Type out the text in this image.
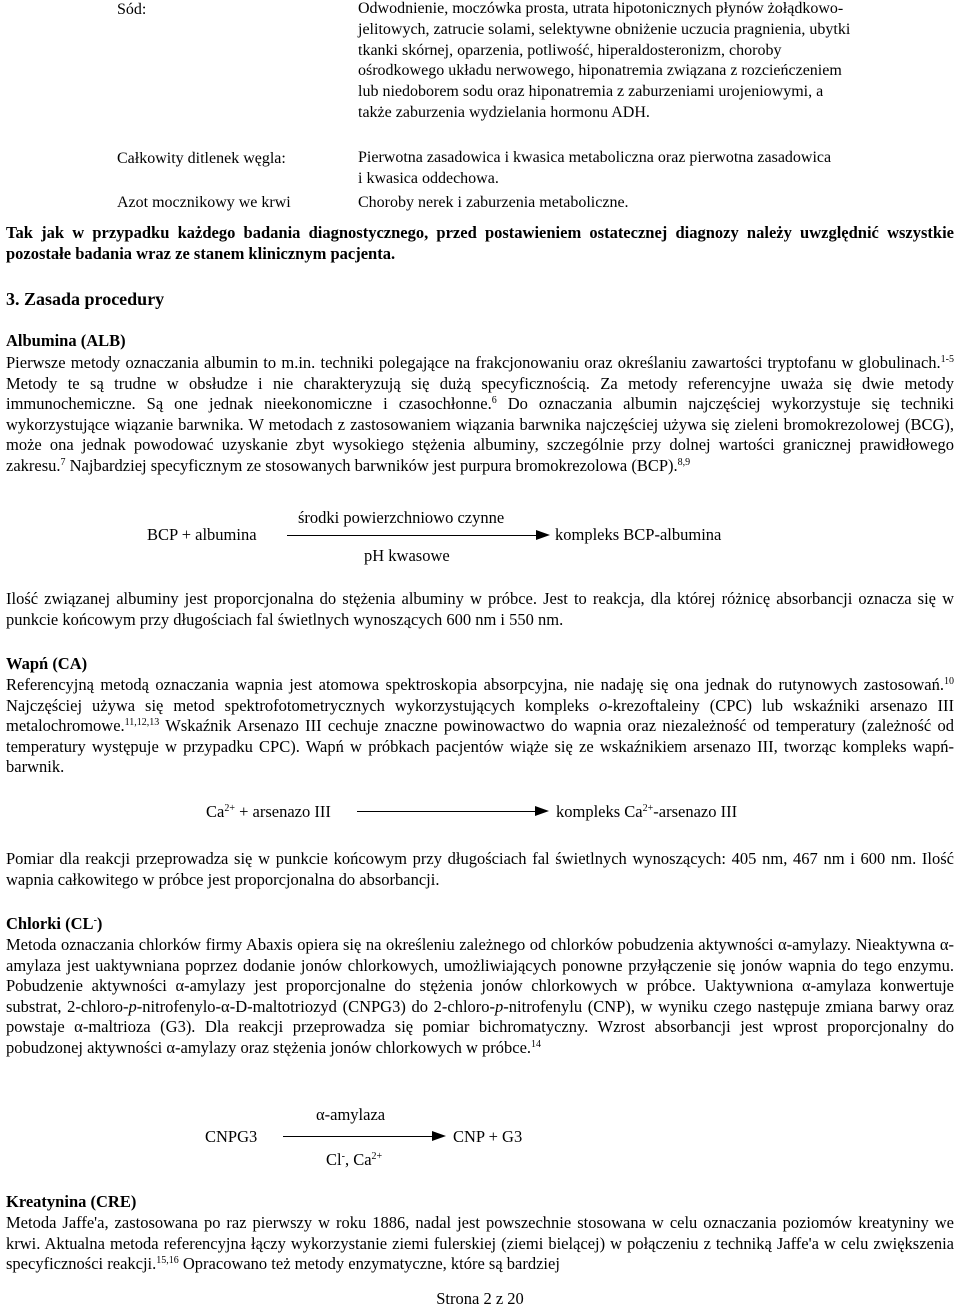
Sód:	Odwodnienie, moczówka prosta, utrata hipotonicznych płynów żołądkowo-jelitowych, zatrucie solami, selektywne obniżenie uczucia pragnienia, ubytki tkanki skórnej, oparzenia, potliwość, hiperaldosteronizm, choroby ośrodkowego układu nerwowego, hiponatremia związana z rozcieńczeniem lub niedoborem sodu oraz hiponatremia z zaburzeniami urojeniowymi, a także zaburzenia wydzielania hormonu ADH.
Całkowity ditlenek węgla:	Pierwotna zasadowica i kwasica metaboliczna oraz pierwotna zasadowica i kwasica oddechowa.
Azot mocznikowy we krwi	Choroby nerek i zaburzenia metaboliczne.
Tak jak w przypadku każdego badania diagnostycznego, przed postawieniem ostatecznej diagnozy należy uwzględnić wszystkie pozostałe badania wraz ze stanem klinicznym pacjenta.
3. Zasada procedury
Albumina (ALB)
Pierwsze metody oznaczania albumin to m.in. techniki polegające na frakcjonowaniu oraz określaniu zawartości tryptofanu w globulinach.$^{1-5}$ Metody te są trudne w obsłudze i nie charakteryzują się dużą specyficznością. Za metody referencyjne uważa się dwie metody immunochemiczne. Są one jednak nieekonomiczne i czasochłonne.$^6$ Do oznaczania albumin najczęściej wykorzystuje się techniki wykorzystujące wiązanie barwnika. W metodach z zastosowaniem wiązania barwnika najczęściej używa się zieleni bromokrezolowej (BCG), może ona jednak powodować uzyskanie zbyt wysokiego stężenia albuminy, szczególnie przy dolnej wartości granicznej prawidłowego zakresu.$^7$ Najbardziej specyficznym ze stosowanych barwników jest purpura bromokrezolowa (BCP).$^{8,9}$
BCP + albumina
środki powierzchniowo czynne
kompleks BCP-albumina
pH kwasowe
Ilość związanej albuminy jest proporcjonalna do stężenia albuminy w próbce. Jest to reakcja, dla której różnicę absorbancji oznacza się w punkcie końcowym przy długościach fal świetlnych wynoszących 600 nm i 550 nm.
Wapń (CA)
Referencyjną metodą oznaczania wapnia jest atomowa spektroskopia absorpcyjna, nie nadaję się ona jednak do rutynowych zastosowań.$^{10}$ Najczęściej używa się metod spektrofotometrycznych wykorzystujących kompleks o-krezoftaleiny (CPC) lub wskaźniki arsenazo III metalochromowe.$^{11,12,13}$ Wskaźnik Arsenazo III cechuje znaczne powinowactwo do wapnia oraz niezależność od temperatury (zależność od temperatury występuje w przypadku CPC). Wapń w próbkach pacjentów wiąże się ze wskaźnikiem arsenazo III, tworząc kompleks wapń-barwnik.
$Ca^{2+}$ + arsenazo III	kompleks $Ca^{2+}$-arsenazo III
Pomiar dla reakcji przeprowadza się w punkcie końcowym przy długościach fal świetlnych wynoszących: 405 nm, 467 nm i 600 nm. Ilość wapnia całkowitego w próbce jest proporcjonalna do absorbancji.
Chlorki (CL-)
Metoda oznaczania chlorków firmy Abaxis opiera się na określeniu zależnego od chlorków pobudzenia aktywności α-amylazy. Nieaktywna α-amylaza jest uaktywniana poprzez dodanie jonów chlorkowych, umożliwiających ponowne przyłączenie się jonów wapnia do tego enzymu. Pobudzenie aktywności α-amylazy jest proporcjonalne do stężenia jonów chlorkowych w próbce. Uaktywniona α-amylaza konwertuje substrat, 2-chloro-p-nitrofenylo-α-D-maltotriozyd (CNPG3) do 2-chloro-p-nitrofenylu (CNP), w wyniku czego następuje zmiana barwy oraz powstaje α-maltrioza (G3). Dla reakcji przeprowadza się pomiar bichromatyczny. Wzrost absorbancji jest wprost proporcjonalny do pobudzonej aktywności α-amylazy oraz stężenia jonów chlorkowych w próbce.$^{14}$
CNPG3
α-amylaza
CNP + G3
Cl-, $Ca^{2+}$
Kreatynina (CRE)
Metoda Jaffe'a, zastosowana po raz pierwszy w roku 1886, nadal jest powszechnie stosowana w celu oznaczania poziomów kreatyniny we krwi. Aktualna metoda referencyjna łączy wykorzystanie ziemi fulerskiej (ziemi bielącej) w połączeniu z techniką Jaffe'a w celu zwiększenia specyficzności reakcji.$^{15,16}$ Opracowano też metody enzymatyczne, które są bardziej
Strona 2 z 20
